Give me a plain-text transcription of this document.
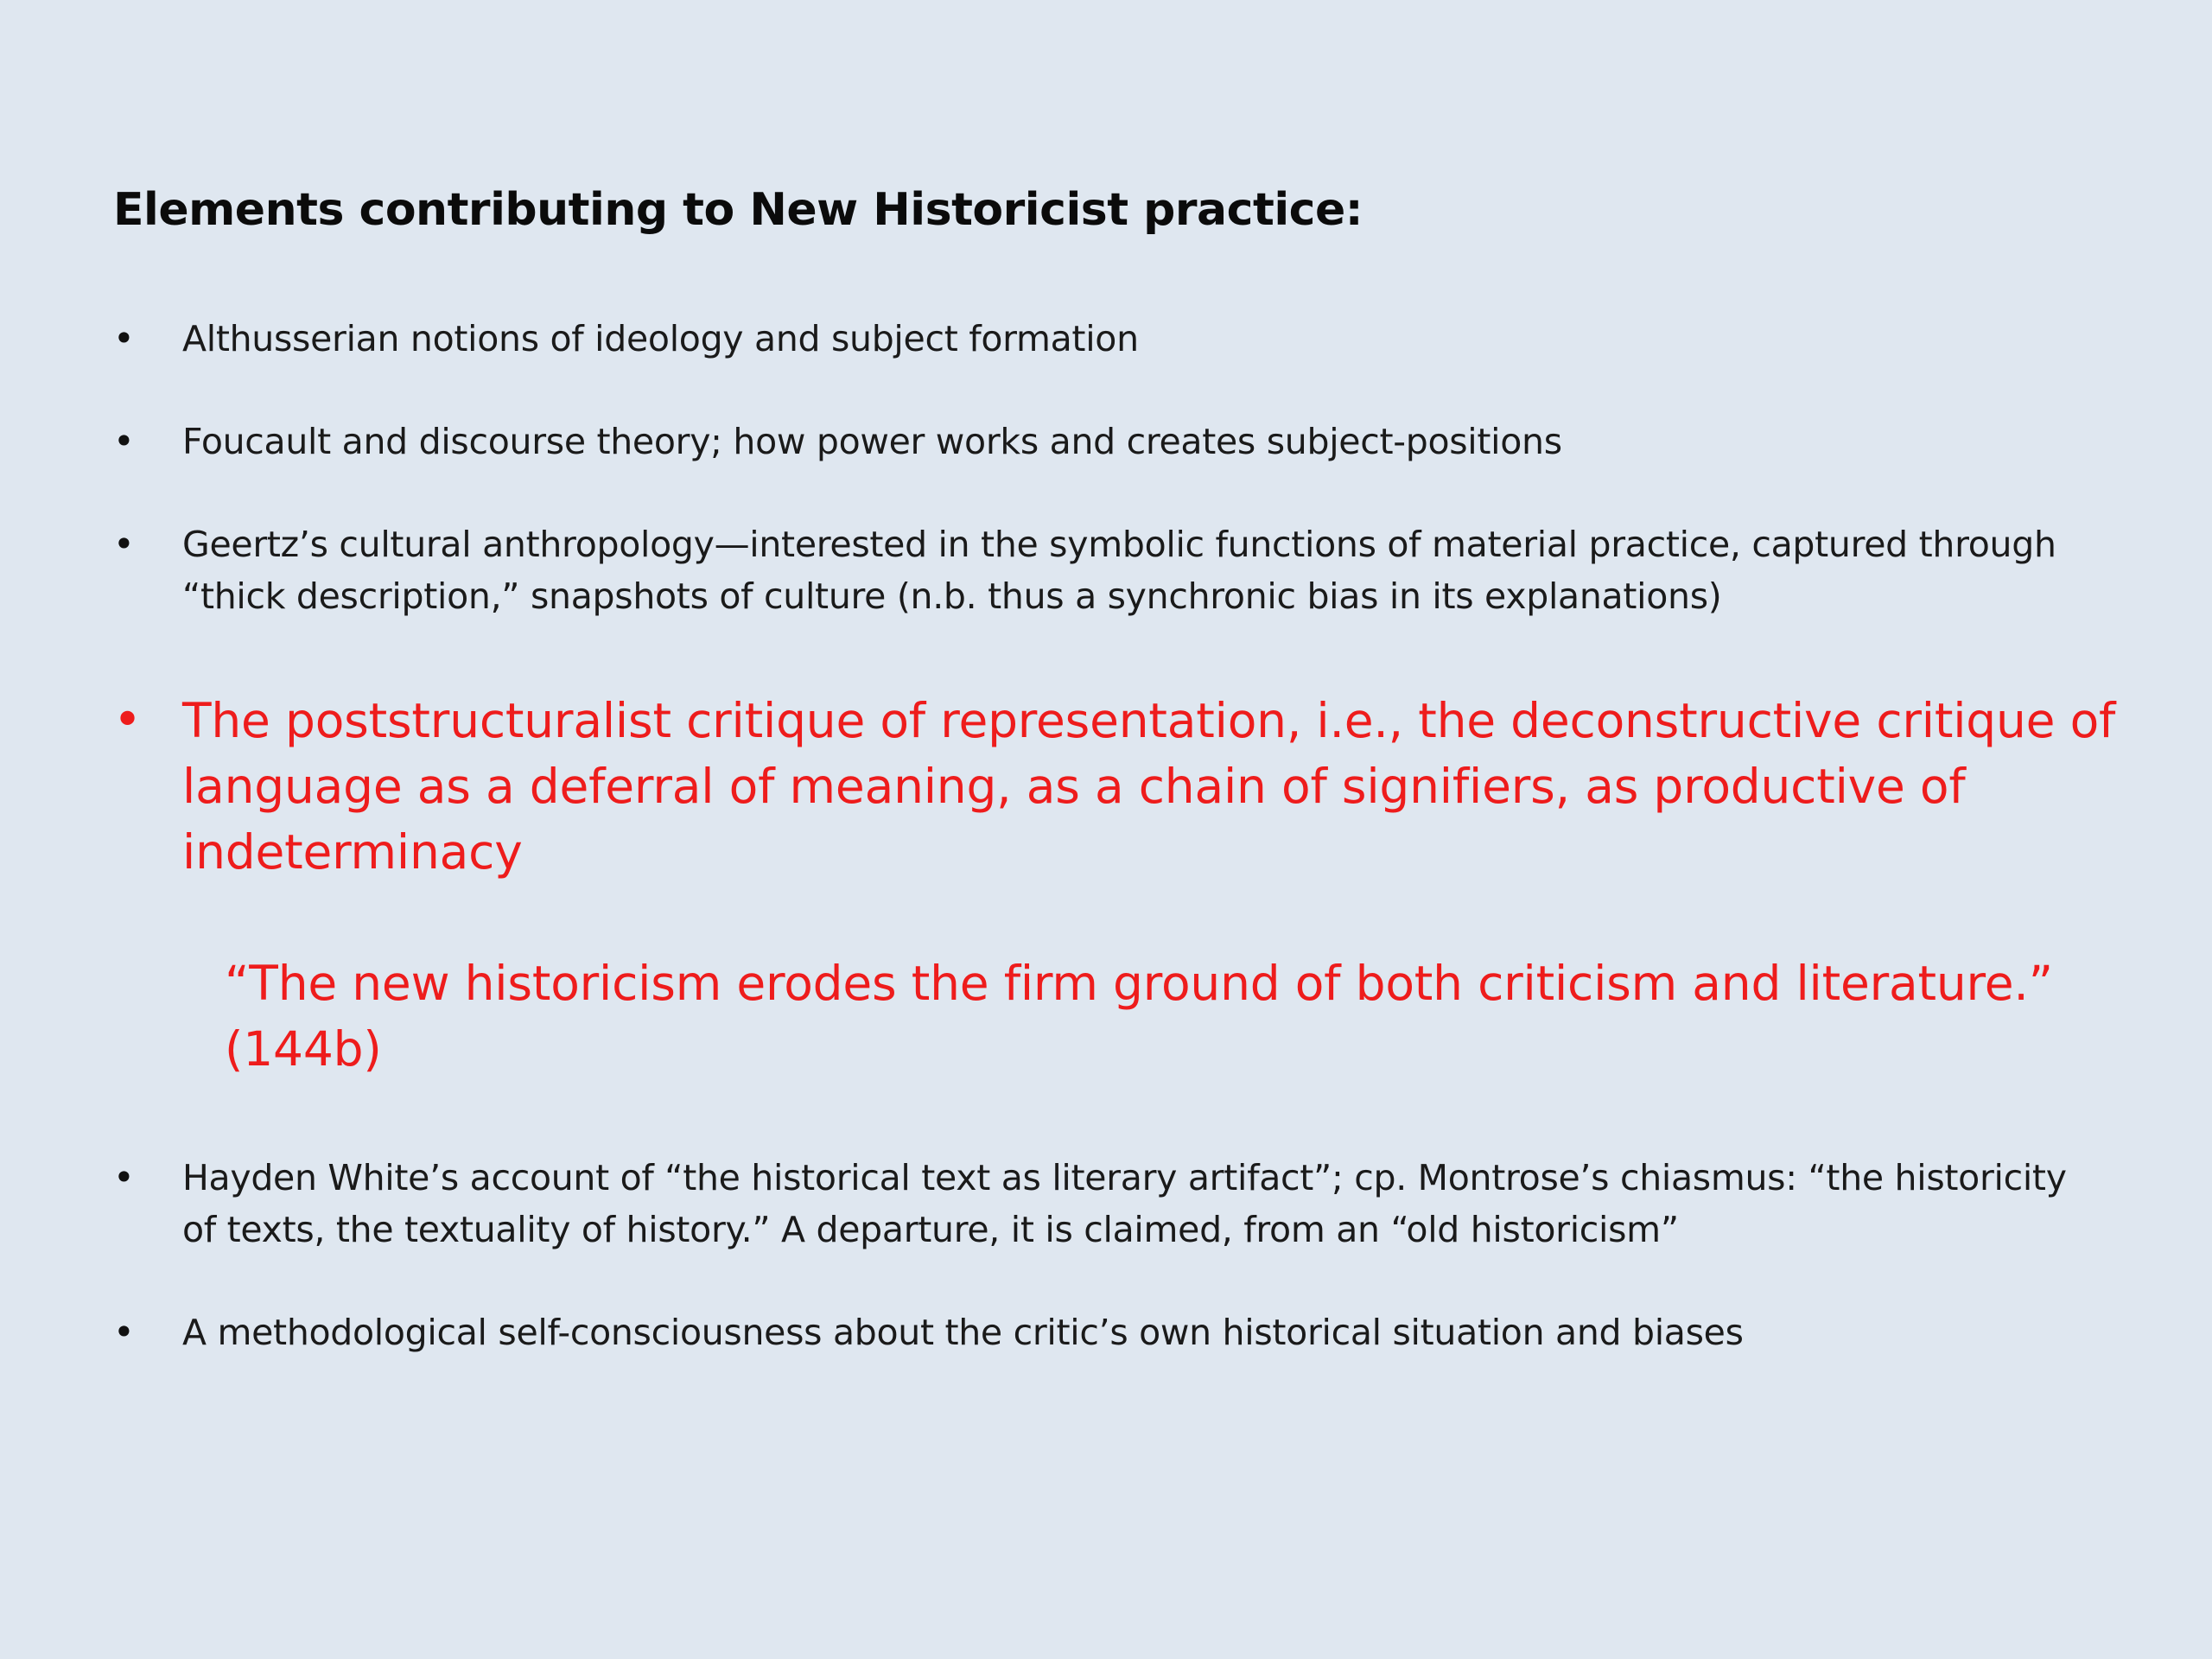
Elements contributing to New Historicist practice:
• Althusserian notions of ideology and subject formation

• Foucault and discourse theory; how power works and creates subject-positions

• Geertz’s cultural anthropology—interested in the symbolic functions of material practice, captured through
“thick description,” snapshots of culture (n.b. thus a synchronic bias in its explanations)

• The poststructuralist critique of representation, i.e., the deconstructive critique of
language as a deferral of meaning, as a chain of signifiers, as productive of
indeterminacy

“The new historicism erodes the firm ground of both criticism and literature.”
(144b)

• Hayden White’s account of “the historical text as literary artifact”; cp. Montrose’s chiasmus: “the historicity
of texts, the textuality of history.” A departure, it is claimed, from an “old historicism”

• A methodological self-consciousness about the critic’s own historical situation and biases
